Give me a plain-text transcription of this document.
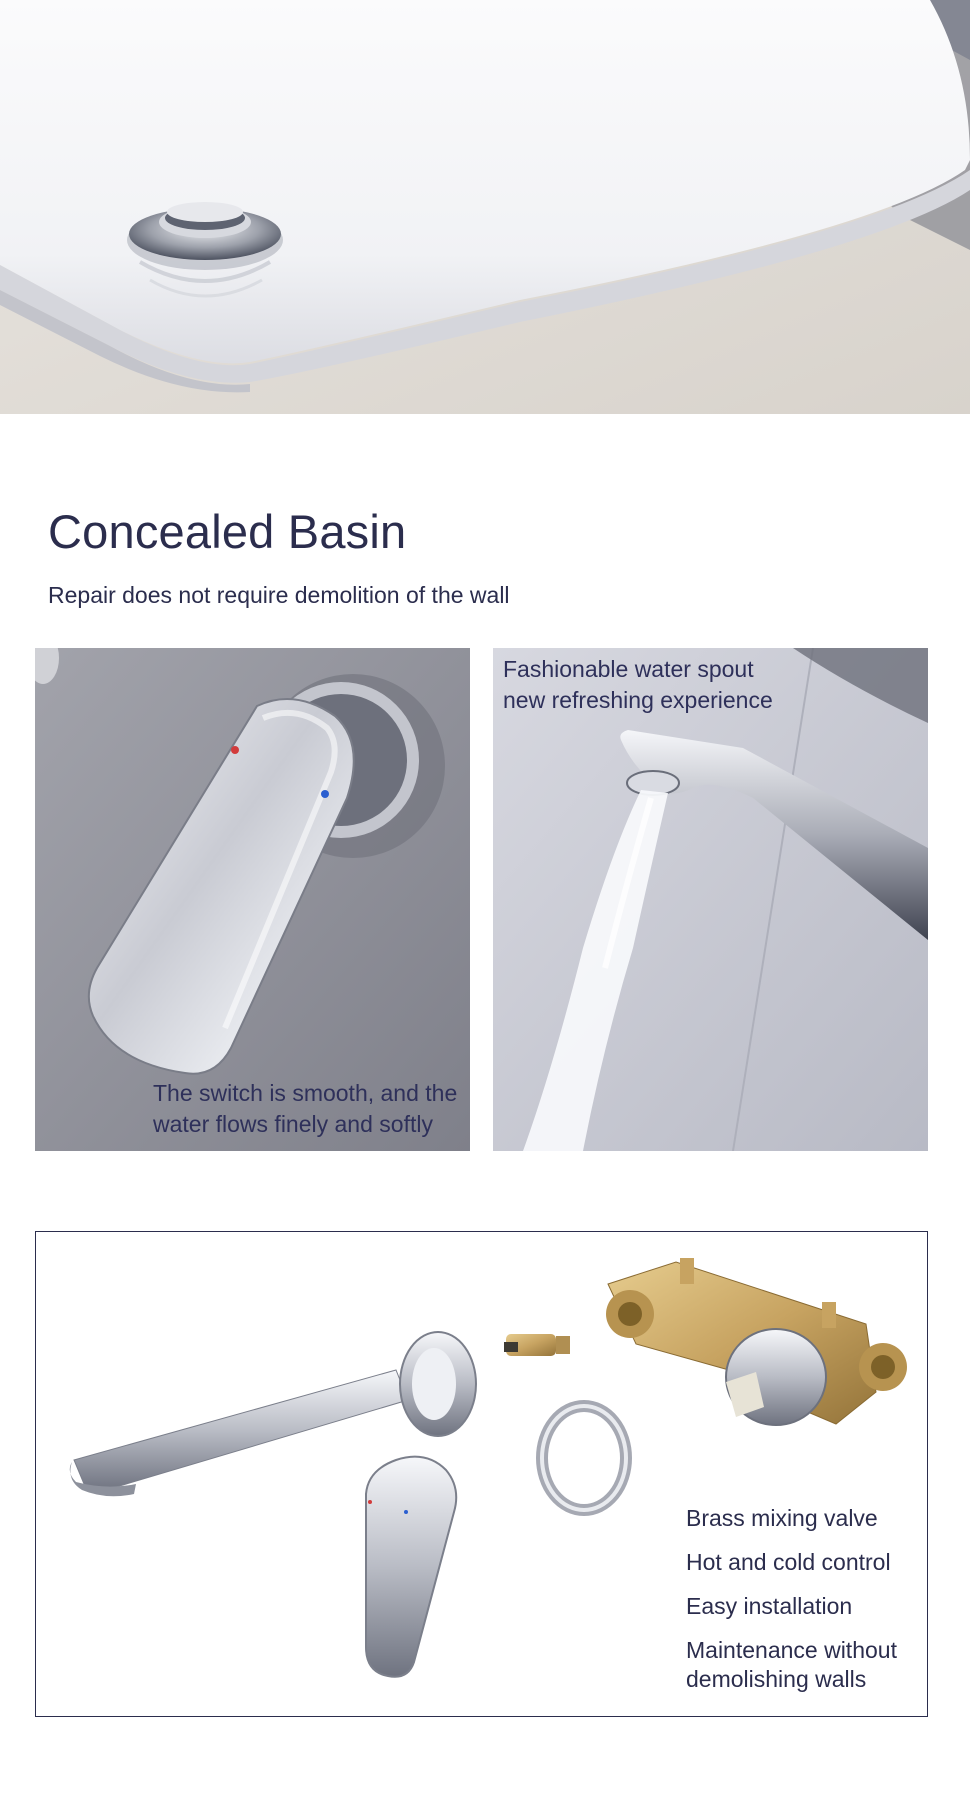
Concealed Basin

Repair does not require demolition of the wall

The switch is smooth, and the
water flows finely and softly
Fashionable water spout
new refreshing experience
Brass mixing valve
Hot and cold control
Easy installation
Maintenance without
demolishing walls
